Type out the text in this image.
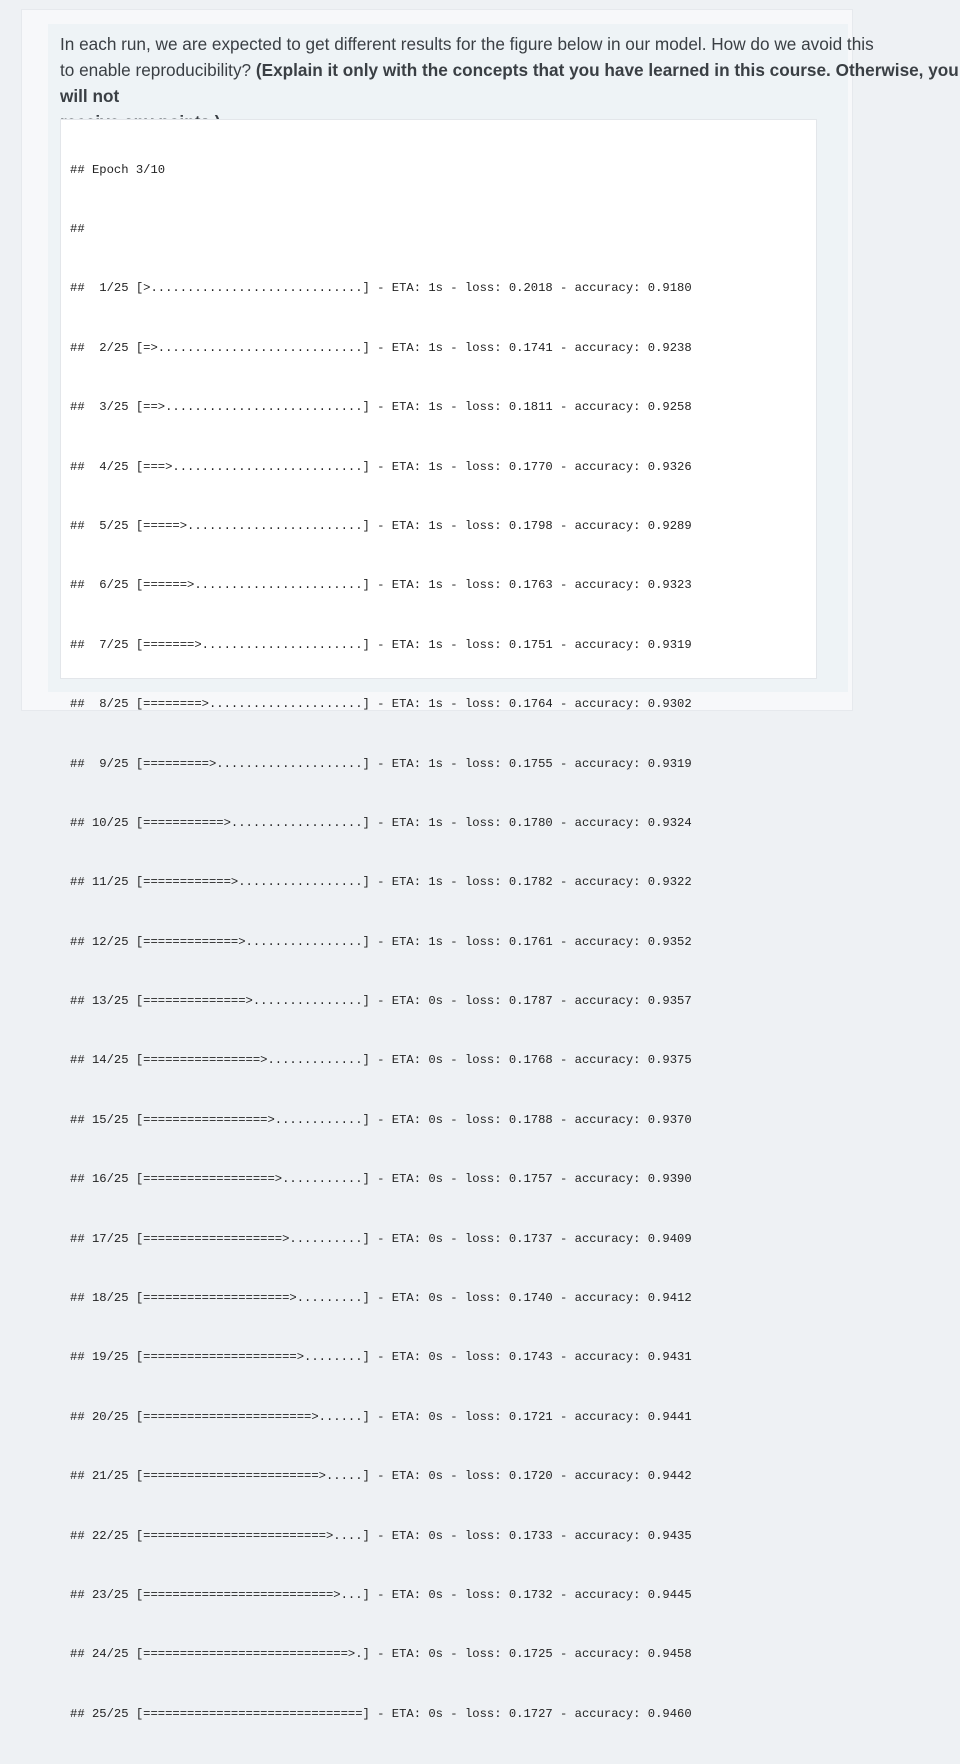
In each run, we are expected to get different results for the figure below in our model. How do we avoid this
to enable reproducibility? (Explain it only with the concepts that you have learned in this course. Otherwise, you will not

## Epoch 3/10

##

##  1/25 [>.............................] - ETA: 1s - loss: 0.2018 - accuracy: 0.9180

##  2/25 [=>............................] - ETA: 1s - loss: 0.1741 - accuracy: 0.9238

##  3/25 [==>...........................] - ETA: 1s - loss: 0.1811 - accuracy: 0.9258

##  4/25 [===>..........................] - ETA: 1s - loss: 0.1770 - accuracy: 0.9326

##  5/25 [=====>........................] - ETA: 1s - loss: 0.1798 - accuracy: 0.9289

##  6/25 [======>.......................] - ETA: 1s - loss: 0.1763 - accuracy: 0.9323

##  7/25 [=======>......................] - ETA: 1s - loss: 0.1751 - accuracy: 0.9319

##  8/25 [========>.....................] - ETA: 1s - loss: 0.1764 - accuracy: 0.9302

##  9/25 [=========>....................] - ETA: 1s - loss: 0.1755 - accuracy: 0.9319

## 10/25 [===========>..................] - ETA: 1s - loss: 0.1780 - accuracy: 0.9324

## 11/25 [============>.................] - ETA: 1s - loss: 0.1782 - accuracy: 0.9322

## 12/25 [=============>................] - ETA: 1s - loss: 0.1761 - accuracy: 0.9352

## 13/25 [==============>...............] - ETA: 0s - loss: 0.1787 - accuracy: 0.9357

## 14/25 [================>.............] - ETA: 0s - loss: 0.1768 - accuracy: 0.9375

## 15/25 [=================>............] - ETA: 0s - loss: 0.1788 - accuracy: 0.9370

## 16/25 [==================>...........] - ETA: 0s - loss: 0.1757 - accuracy: 0.9390

## 17/25 [===================>..........] - ETA: 0s - loss: 0.1737 - accuracy: 0.9409

## 18/25 [====================>.........] - ETA: 0s - loss: 0.1740 - accuracy: 0.9412

## 19/25 [=====================>........] - ETA: 0s - loss: 0.1743 - accuracy: 0.9431

## 20/25 [=======================>......] - ETA: 0s - loss: 0.1721 - accuracy: 0.9441

## 21/25 [========================>.....] - ETA: 0s - loss: 0.1720 - accuracy: 0.9442

## 22/25 [=========================>....] - ETA: 0s - loss: 0.1733 - accuracy: 0.9435

## 23/25 [==========================>...] - ETA: 0s - loss: 0.1732 - accuracy: 0.9445

## 24/25 [============================>.] - ETA: 0s - loss: 0.1725 - accuracy: 0.9458

## 25/25 [==============================] - ETA: 0s - loss: 0.1727 - accuracy: 0.9460
